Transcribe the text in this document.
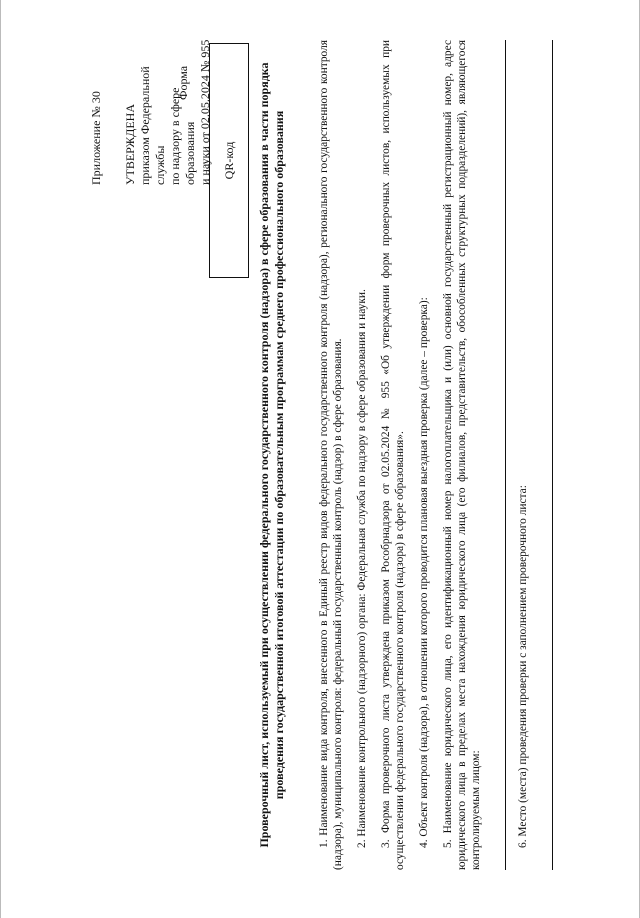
Приложение № 30 УТВЕРЖДЕНА приказом Федеральной службы по надзору в сфере образования и науки от 02.05.2024 № 955
Форма
QR-код Проверочный лист, используемый при осуществлении федерального государственного контроля (надзора) в сфере образования в части порядка проведения государственной итоговой аттестации по образовательным программам среднего профессионального образования	1. Наименование вида контроля, внесенного в Единый реестр видов федерального государственного контроля (надзора), регионального государственного контроля (надзора), муниципального контроля: федеральный государственный контроль (надзор) в сфере образования. 2. Наименование контрольного (надзорного) органа: Федеральная служба по надзору в сфере образования и науки. 3. Форма проверочного листа утверждена приказом Рособрнадзора от 02.05.2024 № 955 «Об утверждении форм проверочных листов, используемых при осуществлении федерального государственного контроля (надзора) в сфере образования». 4. Объект контроля (надзора), в отношении которого проводится плановая выездная проверка (далее – проверка): 5. Наименование юридического лица, его идентификационный номер налогоплательщика и (или) основной государственный регистрационный номер, адрес юридического лица в пределах места нахождения юридического лица (его филиалов, представительств, обособленных структурных подразделений), являющегося контролируемым лицом:	6. Место (места) проведения проверки с заполнением проверочного листа:
